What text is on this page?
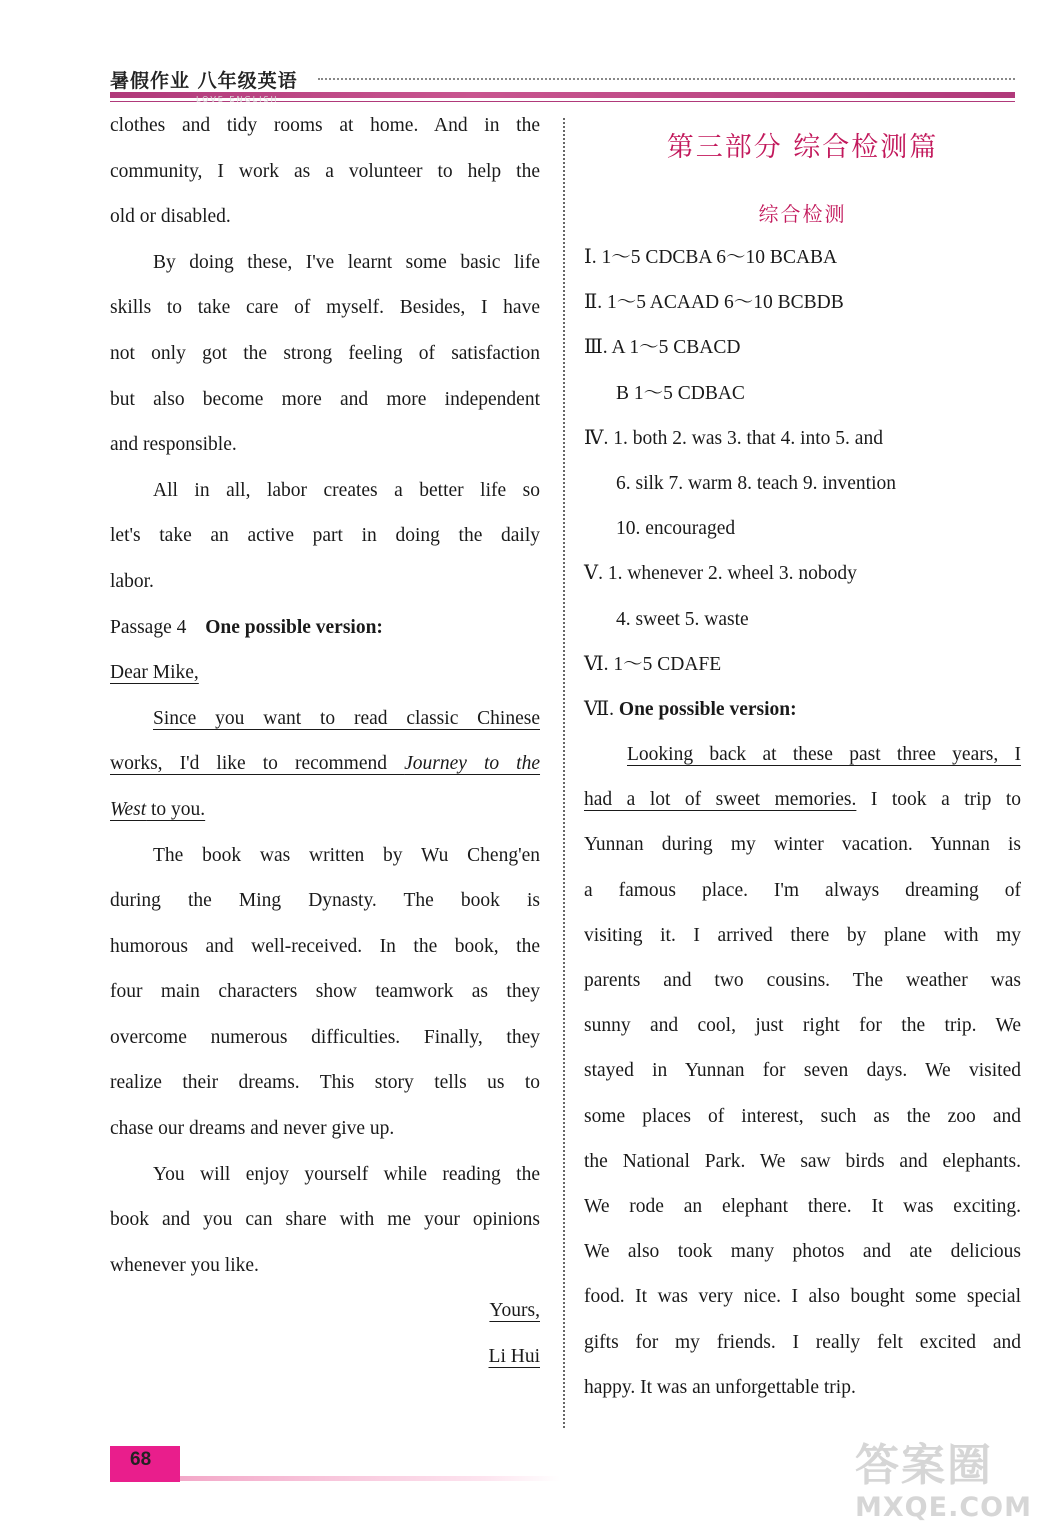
暑假作业 八年级英语
LOVE ENGLISH
clothes and tidy rooms at home. And in the
community, I work as a volunteer to help the
old or disabled.
By doing these, I've learnt some basic life
skills to take care of myself. Besides, I have
not only got the strong feeling of satisfaction
but also become more and more independent
and responsible.
All in all, labor creates a better life so
let's take an active part in doing the daily
labor.
Passage 4 One possible version:
Dear Mike,
Since you want to read classic Chinese
works, I'd like to recommend Journey to the
West to you.
The book was written by Wu Cheng'en
during the Ming Dynasty. The book is
humorous and well-received. In the book, the
four main characters show teamwork as they
overcome numerous difficulties. Finally, they
realize their dreams. This story tells us to
chase our dreams and never give up.
You will enjoy yourself while reading the
book and you can share with me your opinions
whenever you like.
Yours,
Li Hui
第三部分 综合检测篇
综合检测
Ⅰ. 1～5 CDCBA 6～10 BCABA
Ⅱ. 1～5 ACAAD 6～10 BCBDB
Ⅲ. A 1～5 CBACD
B 1～5 CDBAC
Ⅳ. 1. both 2. was 3. that 4. into 5. and
6. silk 7. warm 8. teach 9. invention
10. encouraged
Ⅴ. 1. whenever 2. wheel 3. nobody
4. sweet 5. waste
Ⅵ. 1～5 CDAFE
Ⅶ. One possible version:
Looking back at these past three years, I
had a lot of sweet memories. I took a trip to
Yunnan during my winter vacation. Yunnan is
a famous place. I'm always dreaming of
visiting it. I arrived there by plane with my
parents and two cousins. The weather was
sunny and cool, just right for the trip. We
stayed in Yunnan for seven days. We visited
some places of interest, such as the zoo and
the National Park. We saw birds and elephants.
We rode an elephant there. It was exciting.
We also took many photos and ate delicious
food. It was very nice. I also bought some special
gifts for my friends. I really felt excited and
happy. It was an unforgettable trip.
68	答案圈
MXQE.COM
